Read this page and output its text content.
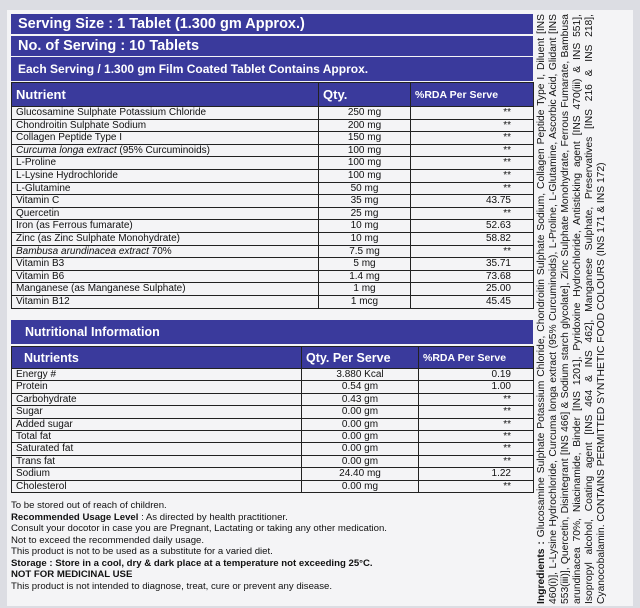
Serving Size : 1 Tablet (1.300 gm Approx.)
No. of Serving : 10 Tablets
Each Serving / 1.300 gm Film Coated Tablet Contains Approx.
Nutrient	Qty.	%RDA Per Serve
Glucosamine Sulphate Potassium Chloride	250 mg	**
Chondroitin Sulphate Sodium	200 mg	**
Collagen Peptide Type I	150 mg	**
Curcuma longa extract (95% Curcuminoids)	100 mg	**
L-Proline	100 mg	**
L-Lysine Hydrochloride	100 mg	**
L-Glutamine	50 mg	**
Vitamin C	35 mg	43.75
Quercetin	25 mg	**
Iron (as Ferrous fumarate)	10 mg	52.63
Zinc (as Zinc Sulphate Monohydrate)	10 mg	58.82
Bambusa arundinacea extract 70%	7.5 mg	**
Vitamin B3	5 mg	35.71
Vitamin B6	1.4 mg	73.68
Manganese (as Manganese Sulphate)	1 mg	25.00
Vitamin B12	1 mcg	45.45
Nutritional Information
Nutrients	Qty. Per Serve	%RDA Per Serve
Energy #	3.880 Kcal	0.19
Protein	0.54 gm	1.00
Carbohydrate	0.43 gm	**
Sugar	0.00 gm	**
Added sugar	0.00 gm	**
Total fat	0.00 gm	**
Saturated fat	0.00 gm	**
Trans fat	0.00 gm	**
Sodium	24.40 mg	1.22
Cholesterol	0.00 mg	**
To be stored out of reach of children.
Recommended Usage Level : As directed by health practitioner.
Consult your docotor in case you are Pregnant, Lactating or taking any other medication.
Not to exceed the recommended daily usage.
This product is not to be used as a substitute for a varied diet.
Storage : Store in a cool, dry & dark place at a temperature not exceeding 25°C.
NOT FOR MEDICINAL USE
This product is not intended to diagnose, treat, cure or prevent any disease.	Ingredients : Glucosamine Sulphate Potassium Chloride, Chondroitin Sulphate Sodium, Collagen Peptide Type I, Diluent [INS 460(i)], L-Lysine Hydrochloride, Curcuma longa extract (95% Curcuminoids), L-Proline, L-Glutamine, Ascorbic Acid, Glidant [INS 553(iii)], Quercetin, Disintegrant [INS 466] & Sodium starch glycolate], Zinc Sulphate Monohydrate, Ferrous Fumarate, Bambusa arundinacea 70%, Niacinamide, Binder [INS 1201], Pyridoxine Hydrochloride, Antisticking agent [INS 470(iii) & INS 551], Isopropyl alcohol, Coating agent [INS 464 & INS 462], Manganese Sulphate, Preservatives [INS 216 & INS 218], Cyanocobalamin. CONTAINS PERMITTED SYNTHETIC FOOD COLOURS (INS 171 & INS 172)
